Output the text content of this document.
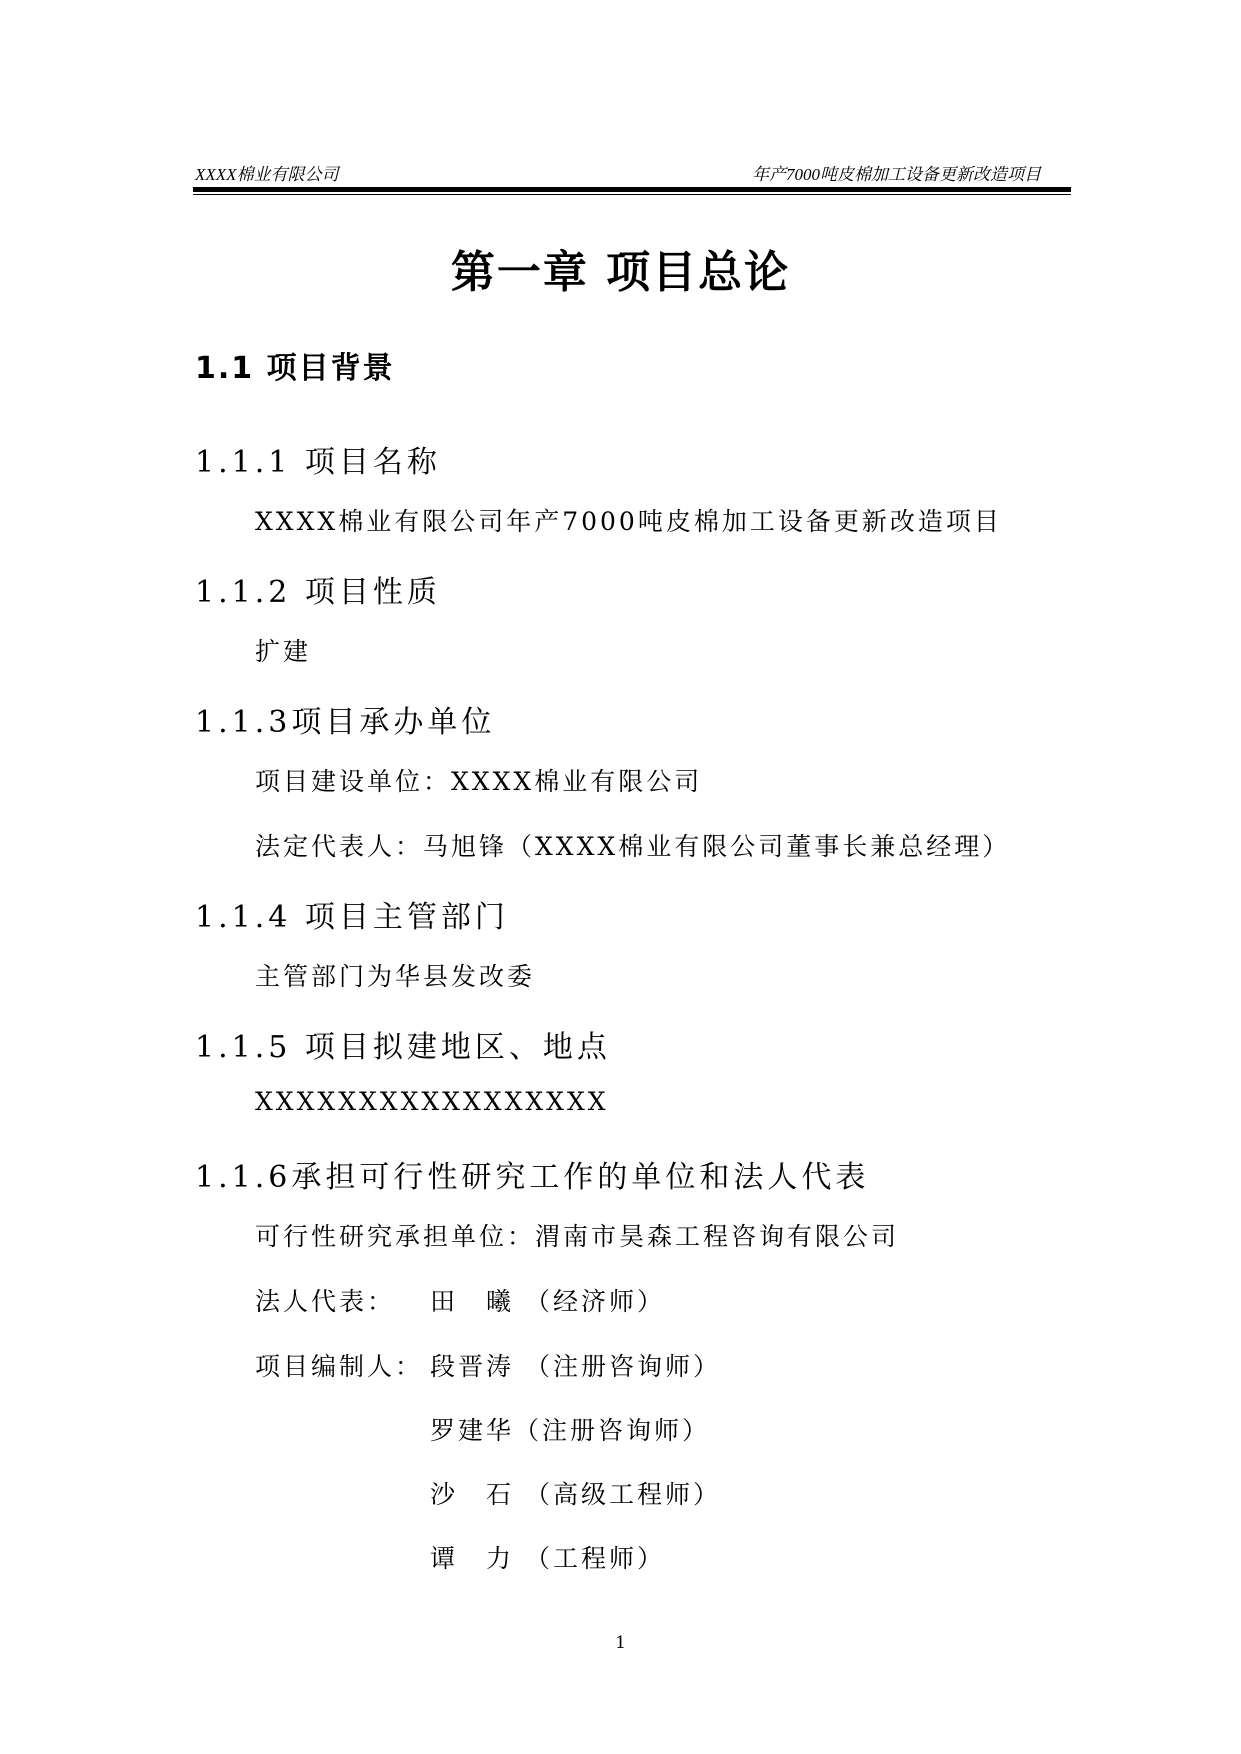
XXXX棉业有限公司	年产7000吨皮棉加工设备更新改造项目
第一章 项目总论
1.1 项目背景
1.1.1 项目名称
XXXX棉业有限公司年产7000吨皮棉加工设备更新改造项目
1.1.2 项目性质
扩建
1.1.3项目承办单位
项目建设单位：XXXX棉业有限公司
法定代表人：马旭锋（XXXX棉业有限公司董事长兼总经理）
1.1.4 项目主管部门
主管部门为华县发改委
1.1.5 项目拟建地区、地点
XXXXXXXXXXXXXXXXX
1.1.6承担可行性研究工作的单位和法人代表
可行性研究承担单位：渭南市昊森工程咨询有限公司
法人代表： 田　曦 （经济师）
项目编制人： 段晋涛 （注册咨询师）
罗建华（注册咨询师）
沙　石 （高级工程师）
谭　力 （工程师）
1
